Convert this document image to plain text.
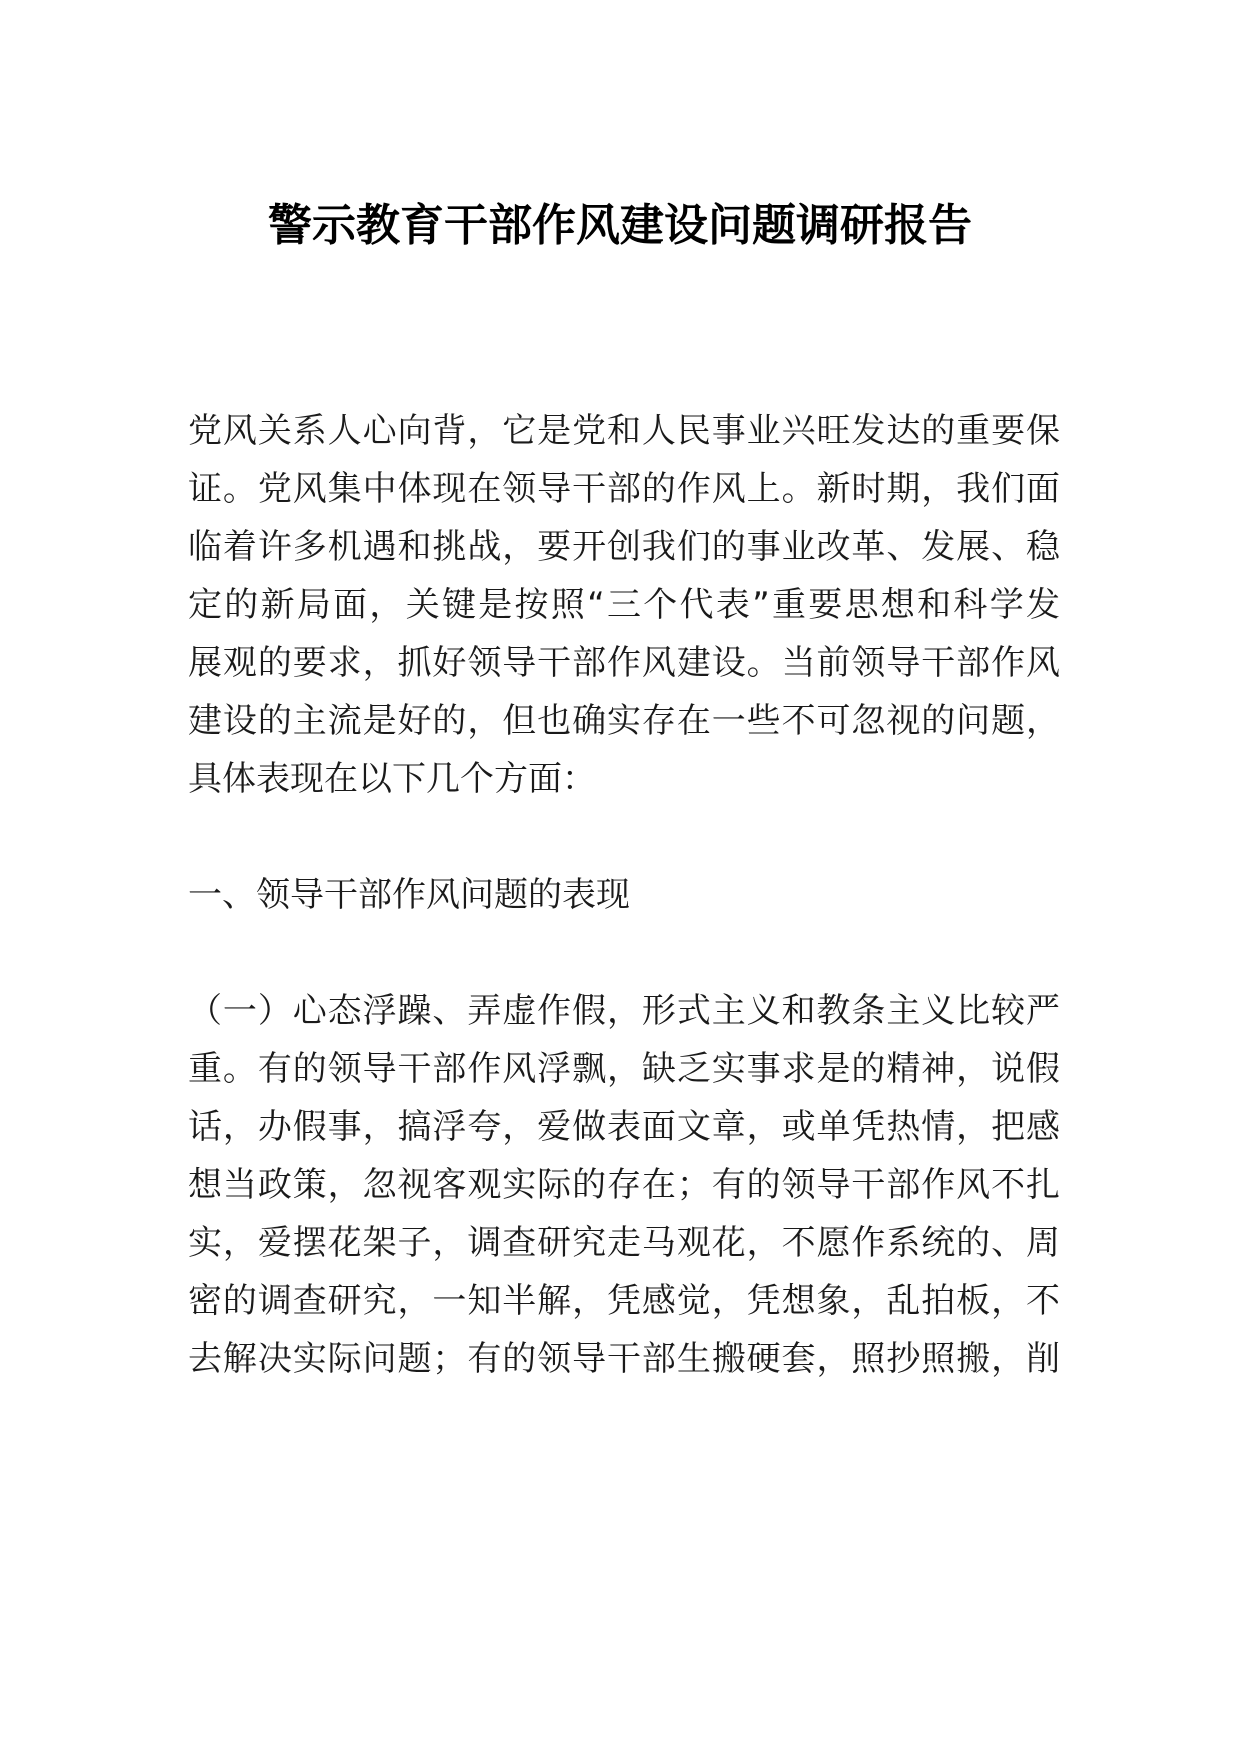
警示教育干部作风建设问题调研报告
党风关系人心向背，它是党和人民事业兴旺发达的重要保
证。党风集中体现在领导干部的作风上。新时期，我们面
临着许多机遇和挑战，要开创我们的事业改革、发展、稳
定的新局面，关键是按照“三个代表”重要思想和科学发
展观的要求，抓好领导干部作风建设。当前领导干部作风
建设的主流是好的，但也确实存在一些不可忽视的问题，
具体表现在以下几个方面：
一、领导干部作风问题的表现
（一）心态浮躁、弄虚作假，形式主义和教条主义比较严
重。有的领导干部作风浮飘，缺乏实事求是的精神，说假
话，办假事，搞浮夸，爱做表面文章，或单凭热情，把感
想当政策，忽视客观实际的存在；有的领导干部作风不扎
实，爱摆花架子，调查研究走马观花，不愿作系统的、周
密的调查研究，一知半解，凭感觉，凭想象，乱拍板，不
去解决实际问题；有的领导干部生搬硬套，照抄照搬，削
